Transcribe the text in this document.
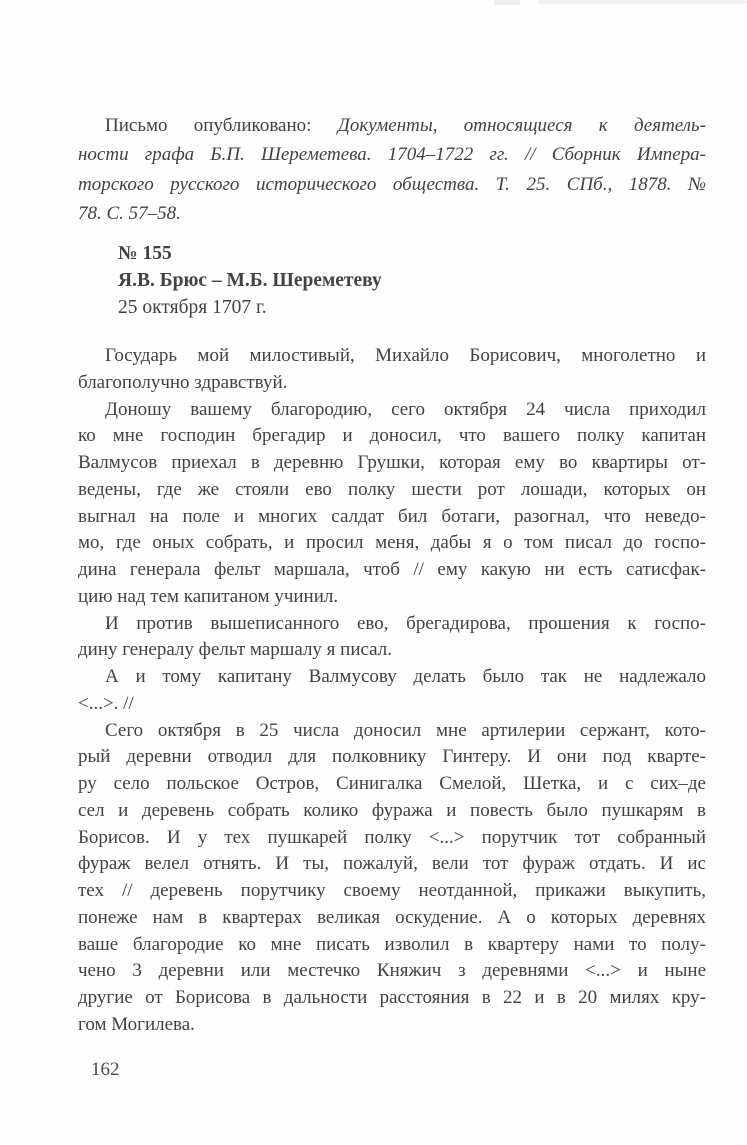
Письмо опубликовано: Документы, относящиеся к деятель-
ности графа Б.П. Шереметева. 1704–1722 гг. // Сборник Импера-
торского русского исторического общества. Т. 25. СПб., 1878. №
78. С. 57–58.
№ 155
Я.В. Брюс – М.Б. Шереметеву
25 октября 1707 г.
Государь мой милостивый, Михайло Борисович, многолетно и
благополучно здравствуй.
Доношу вашему благородию, сего октября 24 числа приходил
ко мне господин брегадир и доносил, что вашего полку капитан
Валмусов приехал в деревню Грушки, которая ему во квартиры от-
ведены, где же стояли ево полку шести рот лошади, которых он
выгнал на поле и многих салдат бил ботаги, разогнал, что неведо-
мо, где оных собрать, и просил меня, дабы я о том писал до госпо-
дина генерала фельт маршала, чтоб // ему какую ни есть сатисфак-
цию над тем капитаном учинил.
И против вышеписанного ево, брегадирова, прошения к госпо-
дину генералу фельт маршалу я писал.
А и тому капитану Валмусову делать было так не надлежало
<...>. //
Сего октября в 25 числа доносил мне артилерии сержант, кото-
рый деревни отводил для полковнику Гинтеру. И они под кварте-
ру село польское Остров, Синигалка Смелой, Шетка, и с сих–де
сел и деревень собрать колико фуража и повесть было пушкарям в
Борисов. И у тех пушкарей полку <...> порутчик тот собранный
фураж велел отнять. И ты, пожалуй, вели тот фураж отдать. И ис
тех // деревень порутчику своему неотданной, прикажи выкупить,
понеже нам в квартерах великая оскудение. А о которых деревнях
ваше благородие ко мне писать изволил в квартеру нами то полу-
чено 3 деревни или местечко Княжич з деревнями <...> и ныне
другие от Борисова в дальности расстояния в 22 и в 20 милях кру-
гом Могилева.
162
